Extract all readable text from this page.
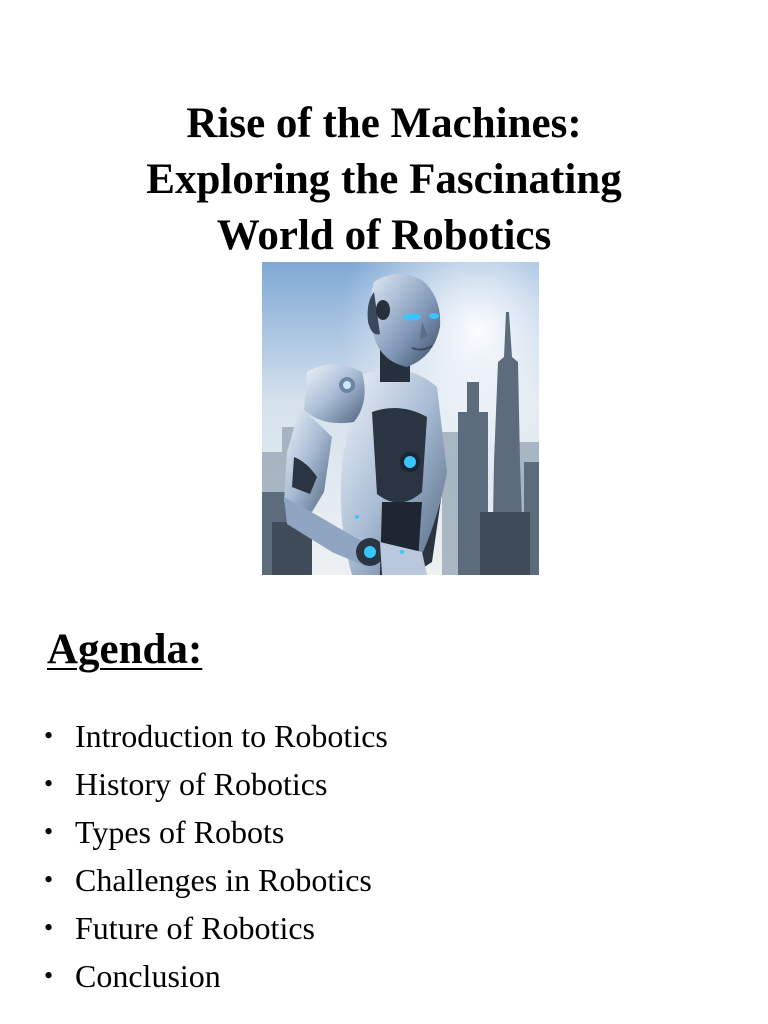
Rise of the Machines:
Exploring the Fascinating
World of Robotics
Agenda:
• Introduction to Robotics
• History of Robotics
• Types of Robots
• Challenges in Robotics
• Future of Robotics
• Conclusion
